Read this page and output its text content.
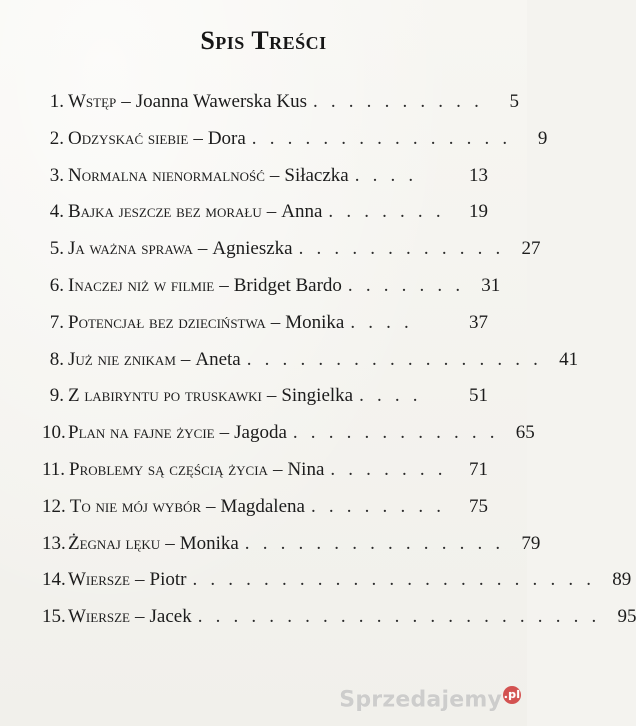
Spis Treści
1. Wstęp – Joanna Wawerska Kus . . . . . . . . . .	5
2. Odzyskać siebie – Dora . . . . . . . . . . . . . . .	9
3. Normalna nienormalność – Siłaczka . . . .	13
4. Bajka jeszcze bez morału – Anna . . . . . . .	19
5. Ja ważna sprawa – Agnieszka . . . . . . . . . . . . 27
6. Inaczej niż w filmie – Bridget Bardo . . . . . . . 31
7. Potencjał bez dzieciństwa – Monika . . . .	37
8. Już nie znikam – Aneta . . . . . . . . . . . . . . . . . 41
9. Z labiryntu po truskawki – Singielka . . . .	51
10. Plan na fajne życie – Jagoda . . . . . . . . . . . . 65
11. Problemy są częścią życia – Nina . . . . . . .	71
12. To nie mój wybór – Magdalena . . . . . . . .	75
13. Żegnaj lęku – Monika . . . . . . . . . . . . . . . 79
14. Wiersze – Piotr . . . . . . . . . . . . . . . . . . . . . . . 89
15. Wiersze – Jacek . . . . . . . . . . . . . . . . . . . . . . . 95
Sprzedajemy .pl
